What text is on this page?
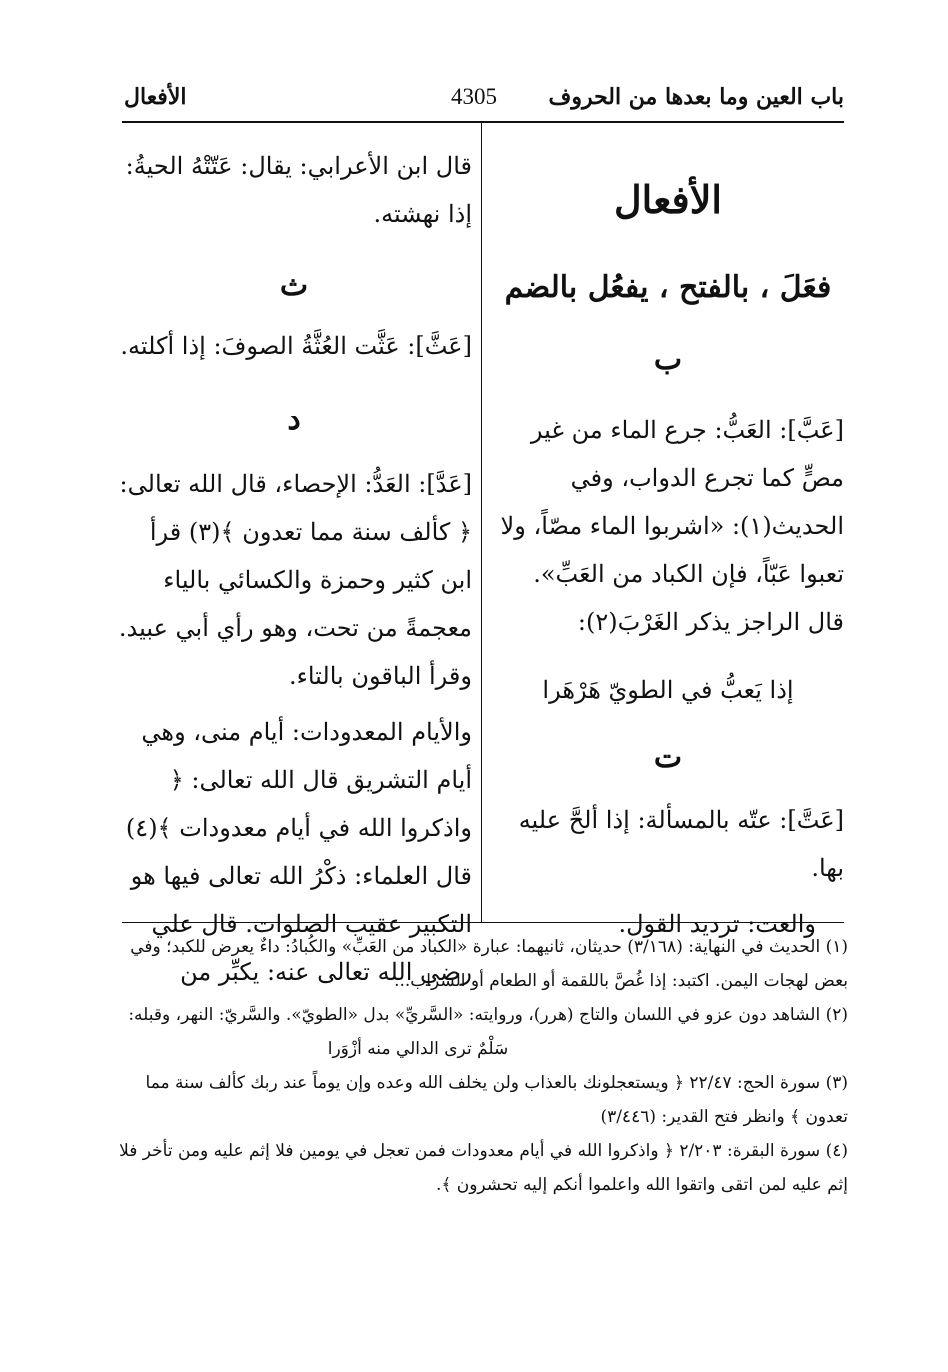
الأفعال	4305	باب العين وما بعدها من الحروف

الأفعال

فعَلَ ، بالفتح ، يفعُل بالضم

ب

[عَبَّ]: العَبُّ: جرع الماء من غير مصٍّ كما تجرع الدواب، وفي الحديث(١): «اشربوا الماء مصّاً، ولا تعبوا عَبّاً، فإن الكباد من العَبِّ». قال الراجز يذكر الغَرْبَ(٢):

إذا يَعبُّ في الطويّ هَرْهَرا

ت

[عَتَّ]: عتّه بالمسألة: إذا ألحَّ عليه بها.

والعت: ترديد القول.

قال ابن الأعرابي: يقال: عَتّتْهُ الحيةُ: إذا نهشته.

ث

[عَثَّ]: عَثَّت العُثَّةُ الصوفَ: إذا أكلته.

د

[عَدَّ]: العَدُّ: الإحصاء، قال الله تعالى: ﴿ كألف سنة مما تعدون ﴾(٣) قرأ ابن كثير وحمزة والكسائي بالياء معجمةً من تحت، وهو رأي أبي عبيد. وقرأ الباقون بالتاء.

والأيام المعدودات: أيام منى، وهي أيام التشريق قال الله تعالى: ﴿ واذكروا الله في أيام معدودات ﴾(٤) قال العلماء: ذكْرُ الله تعالى فيها هو التكبير عقيب الصلوات. قال علي رضي الله تعالى عنه: يكبِّر من

(١) الحديث في النهاية: (٣/١٦٨) حديثان، ثانيهما: عبارة «الكباد من العَبِّ» والكُبادُ: داءٌ يعرض للكبد؛ وفي بعض لهجات اليمن. اكتبد: إذا غُصَّ باللقمة أو الطعام أو الشراب...

(٢) الشاهد دون عزو في اللسان والتاج (هرر)، وروايته: «السَّريِّ» بدل «الطويّ». والسَّريّ: النهر، وقبله:

سَلْمٌ ترى الدالي منه أزْوَرا

(٣) سورة الحج: ٢٢/٤٧ ﴿ ويستعجلونك بالعذاب ولن يخلف الله وعده وإن يوماً عند ربك كألف سنة مما تعدون ﴾ وانظر فتح القدير: (٣/٤٤٦)

(٤) سورة البقرة: ٢/٢٠٣ ﴿ واذكروا الله في أيام معدودات فمن تعجل في يومين فلا إثم عليه ومن تأخر فلا إثم عليه لمن اتقى واتقوا الله واعلموا أنكم إليه تحشرون ﴾.
